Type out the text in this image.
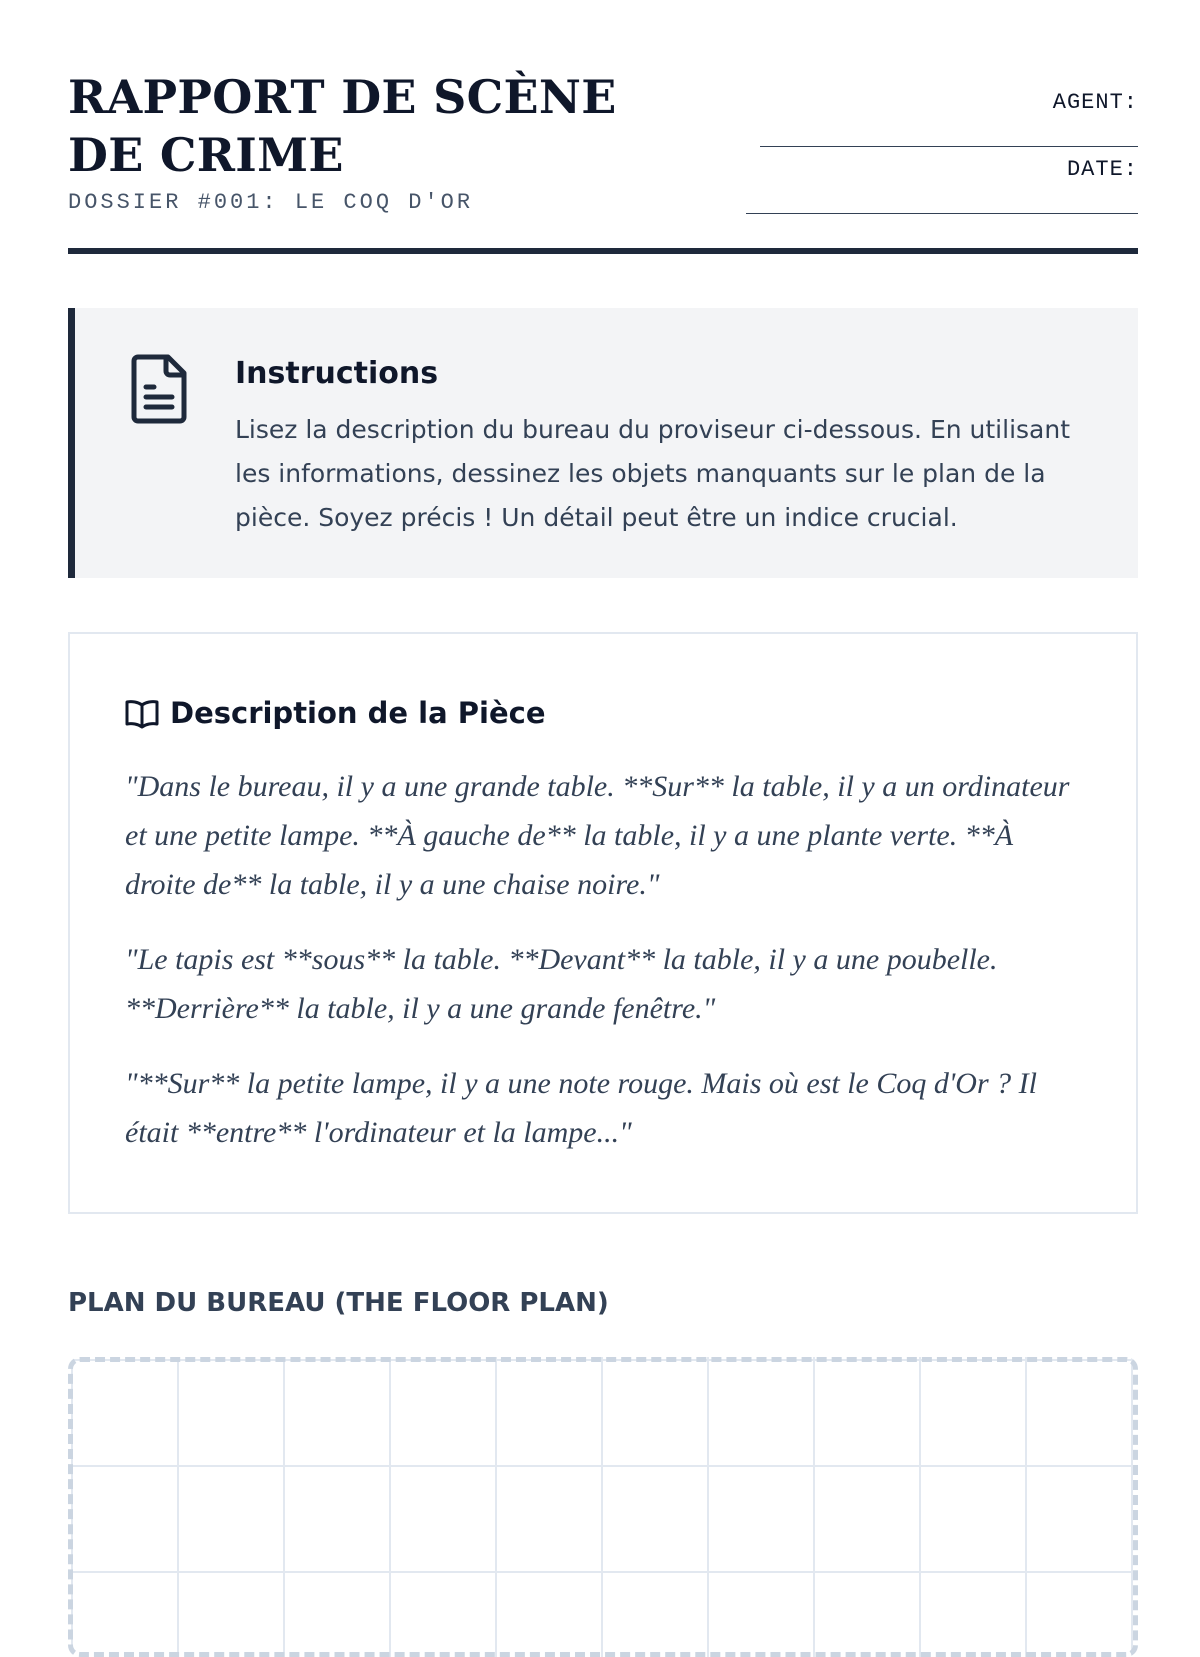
RAPPORT DE SCÈNE DE CRIME
DOSSIER #001: LE COQ D'OR
AGENT:
DATE:
Instructions
Lisez la description du bureau du proviseur ci-dessous. En utilisant les informations, dessinez les objets manquants sur le plan de la pièce. Soyez précis ! Un détail peut être un indice crucial.
Description de la Pièce

"Dans le bureau, il y a une grande table. **Sur** la table, il y a un ordinateur et une petite lampe. **À gauche de** la table, il y a une plante verte. **À droite de** la table, il y a une chaise noire."

"Le tapis est **sous** la table. **Devant** la table, il y a une poubelle. **Derrière** la table, il y a une grande fenêtre."

"**Sur** la petite lampe, il y a une note rouge. Mais où est le Coq d'Or ? Il était **entre** l'ordinateur et la lampe..."

PLAN DU BUREAU (THE FLOOR PLAN)
